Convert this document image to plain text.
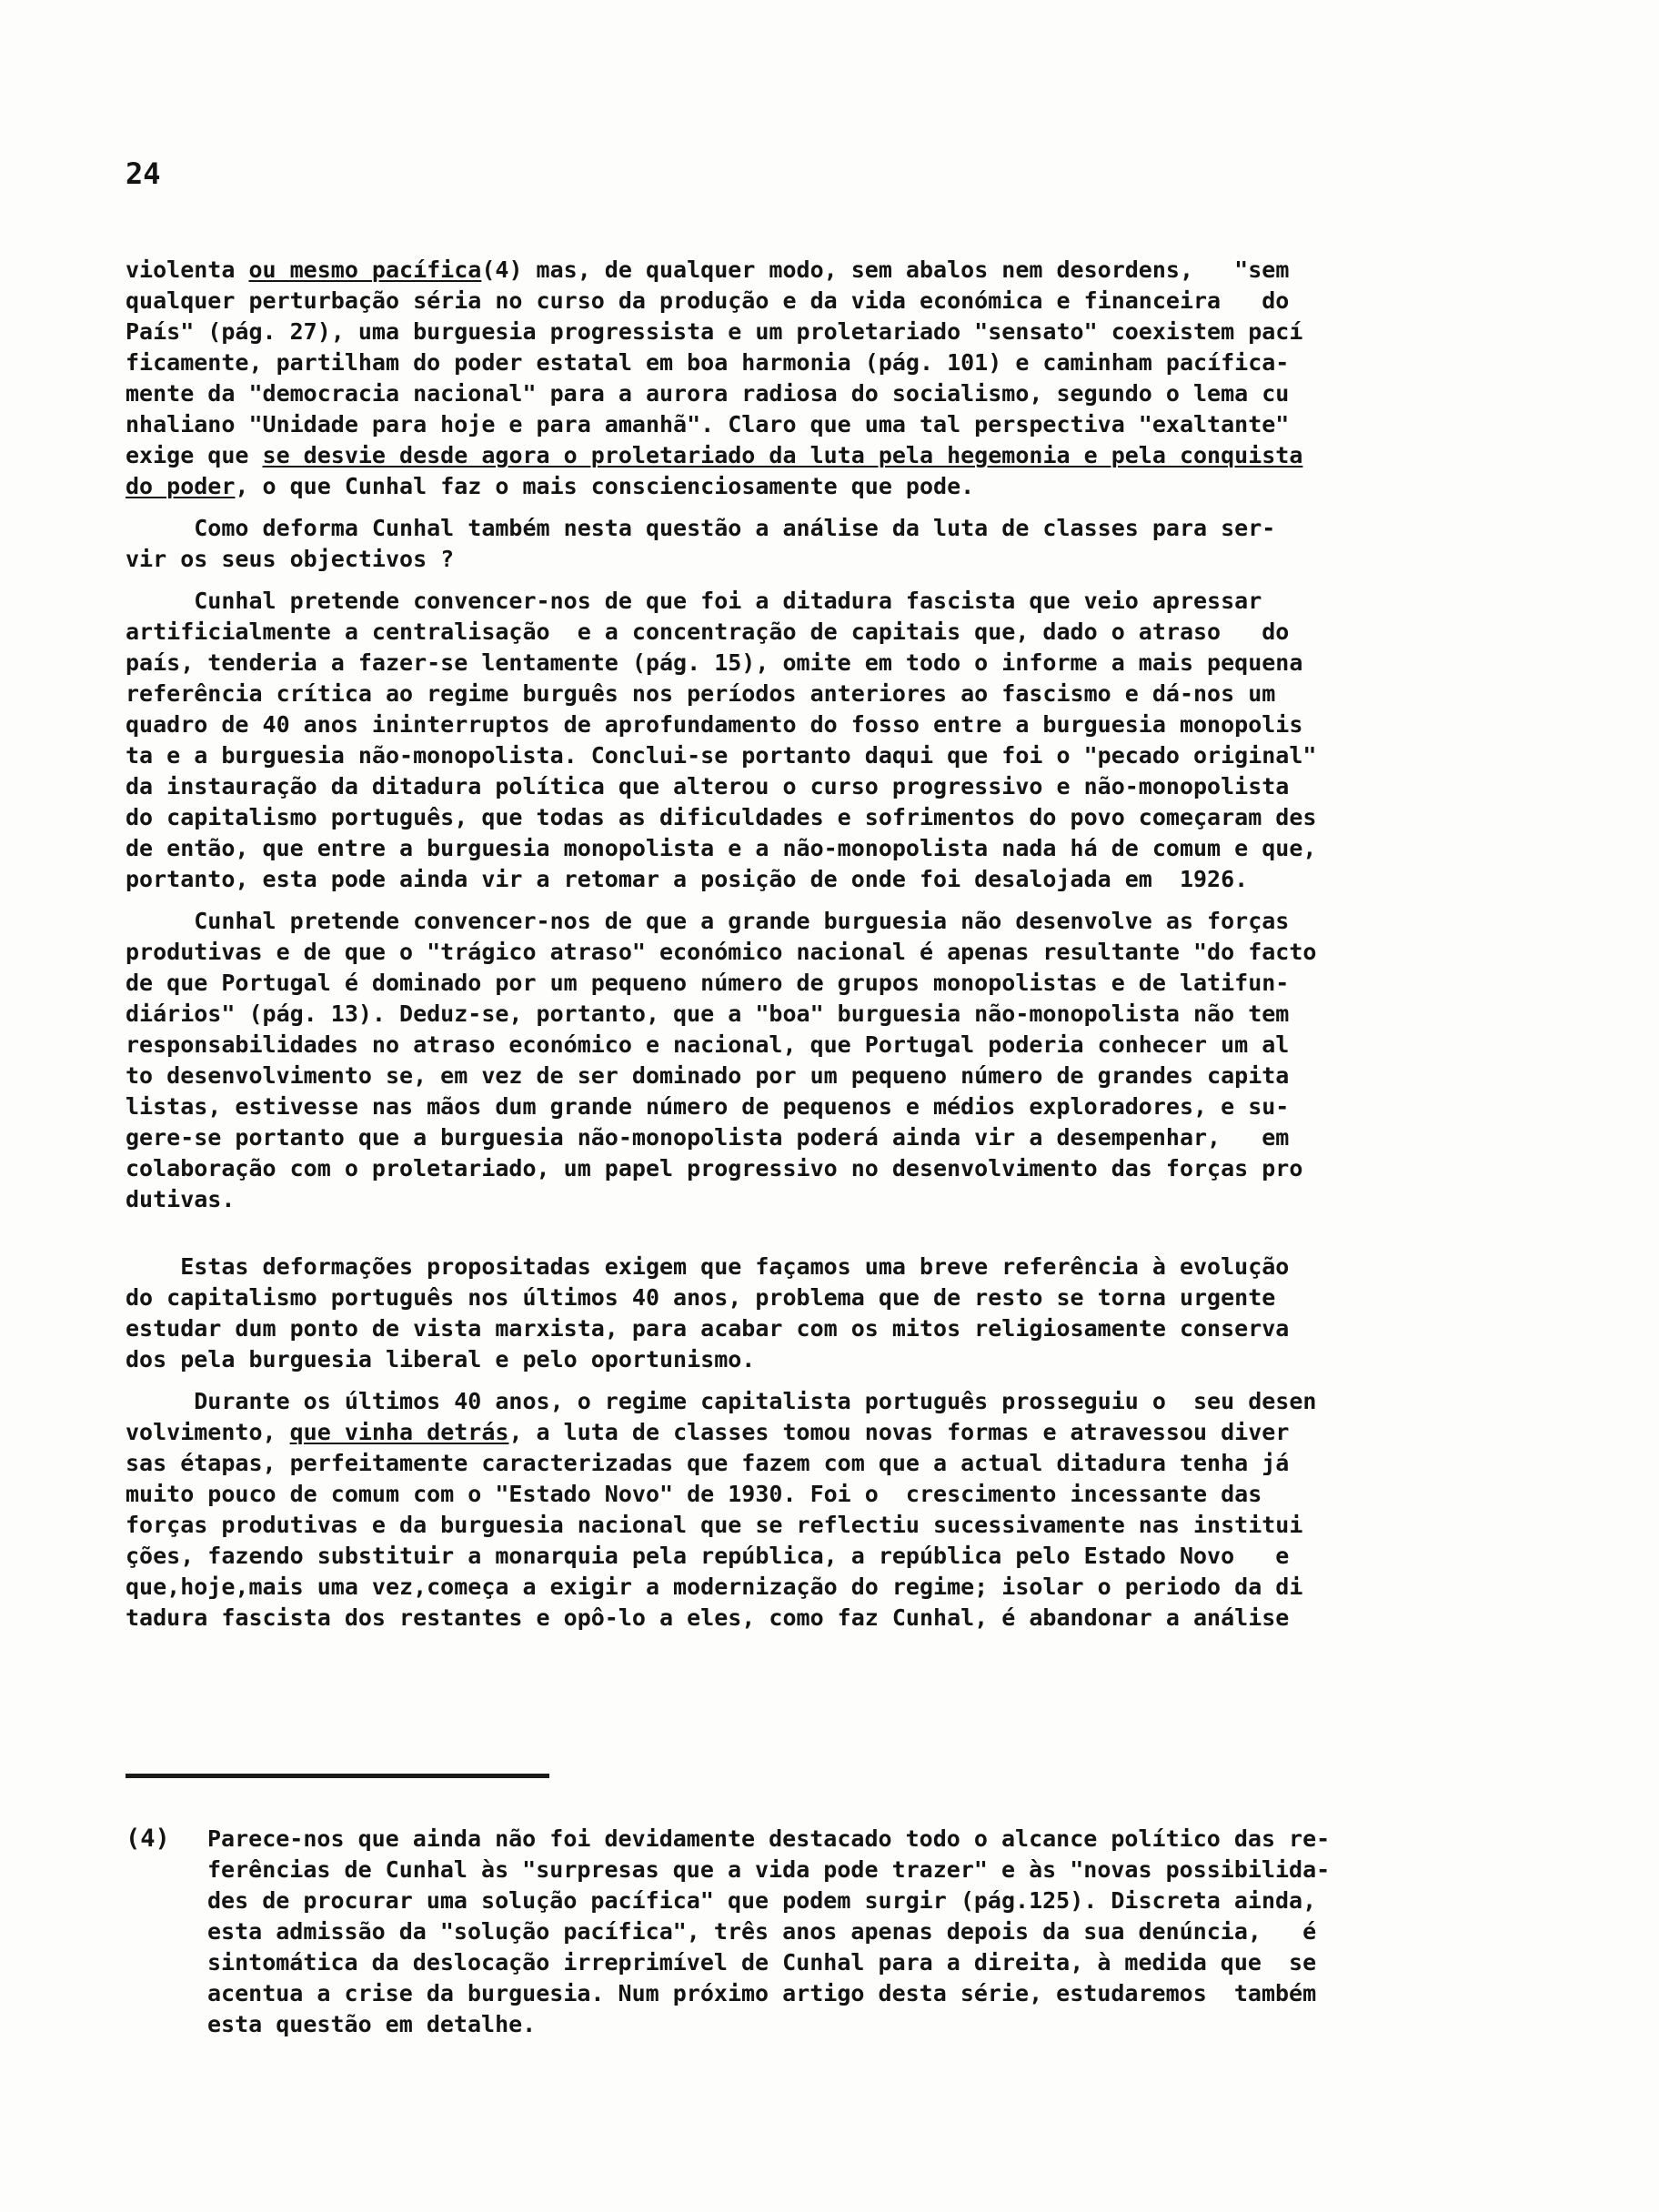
24
violenta ou mesmo pacífica(4) mas, de qualquer modo, sem abalos nem desordens,   "sem
qualquer perturbação séria no curso da produção e da vida económica e financeira   do
País" (pág. 27), uma burguesia progressista e um proletariado "sensato" coexistem pací
ficamente, partilham do poder estatal em boa harmonia (pág. 101) e caminham pacífica-
mente da "democracia nacional" para a aurora radiosa do socialismo, segundo o lema cu
nhaliano "Unidade para hoje e para amanhã". Claro que uma tal perspectiva "exaltante"
exige que se desvie desde agora o proletariado da luta pela hegemonia e pela conquista
do poder, o que Cunhal faz o mais conscienciosamente que pode.
Como deforma Cunhal também nesta questão a análise da luta de classes para ser-
vir os seus objectivos ?
Cunhal pretende convencer-nos de que foi a ditadura fascista que veio apressar
artificialmente a centralisação  e a concentração de capitais que, dado o atraso   do
país, tenderia a fazer-se lentamente (pág. 15), omite em todo o informe a mais pequena
referência crítica ao regime burguês nos períodos anteriores ao fascismo e dá-nos um
quadro de 40 anos ininterruptos de aprofundamento do fosso entre a burguesia monopolis
ta e a burguesia não-monopolista. Conclui-se portanto daqui que foi o "pecado original"
da instauração da ditadura política que alterou o curso progressivo e não-monopolista
do capitalismo português, que todas as dificuldades e sofrimentos do povo começaram des
de então, que entre a burguesia monopolista e a não-monopolista nada há de comum e que,
portanto, esta pode ainda vir a retomar a posição de onde foi desalojada em  1926.
Cunhal pretende convencer-nos de que a grande burguesia não desenvolve as forças
produtivas e de que o "trágico atraso" económico nacional é apenas resultante "do facto
de que Portugal é dominado por um pequeno número de grupos monopolistas e de latifun-
diários" (pág. 13). Deduz-se, portanto, que a "boa" burguesia não-monopolista não tem
responsabilidades no atraso económico e nacional, que Portugal poderia conhecer um al
to desenvolvimento se, em vez de ser dominado por um pequeno número de grandes capita
listas, estivesse nas mãos dum grande número de pequenos e médios exploradores, e su-
gere-se portanto que a burguesia não-monopolista poderá ainda vir a desempenhar,   em
colaboração com o proletariado, um papel progressivo no desenvolvimento das forças pro
dutivas.
Estas deformações propositadas exigem que façamos uma breve referência à evolução
do capitalismo português nos últimos 40 anos, problema que de resto se torna urgente
estudar dum ponto de vista marxista, para acabar com os mitos religiosamente conserva
dos pela burguesia liberal e pelo oportunismo.
Durante os últimos 40 anos, o regime capitalista português prosseguiu o  seu desen
volvimento, que vinha detrás, a luta de classes tomou novas formas e atravessou diver
sas étapas, perfeitamente caracterizadas que fazem com que a actual ditadura tenha já
muito pouco de comum com o "Estado Novo" de 1930. Foi o  crescimento incessante das
forças produtivas e da burguesia nacional que se reflectiu sucessivamente nas institui
ções, fazendo substituir a monarquia pela república, a república pelo Estado Novo   e
que,hoje,mais uma vez,começa a exigir a modernização do regime; isolar o periodo da di
tadura fascista dos restantes e opô-lo a eles, como faz Cunhal, é abandonar a análise
(4) Parece-nos que ainda não foi devidamente destacado todo o alcance político das re-
ferências de Cunhal às "surpresas que a vida pode trazer" e às "novas possibilida-
des de procurar uma solução pacífica" que podem surgir (pág.125). Discreta ainda,
esta admissão da "solução pacífica", três anos apenas depois da sua denúncia,   é
sintomática da deslocação irreprimível de Cunhal para a direita, à medida que  se
acentua a crise da burguesia. Num próximo artigo desta série, estudaremos  também
esta questão em detalhe.
